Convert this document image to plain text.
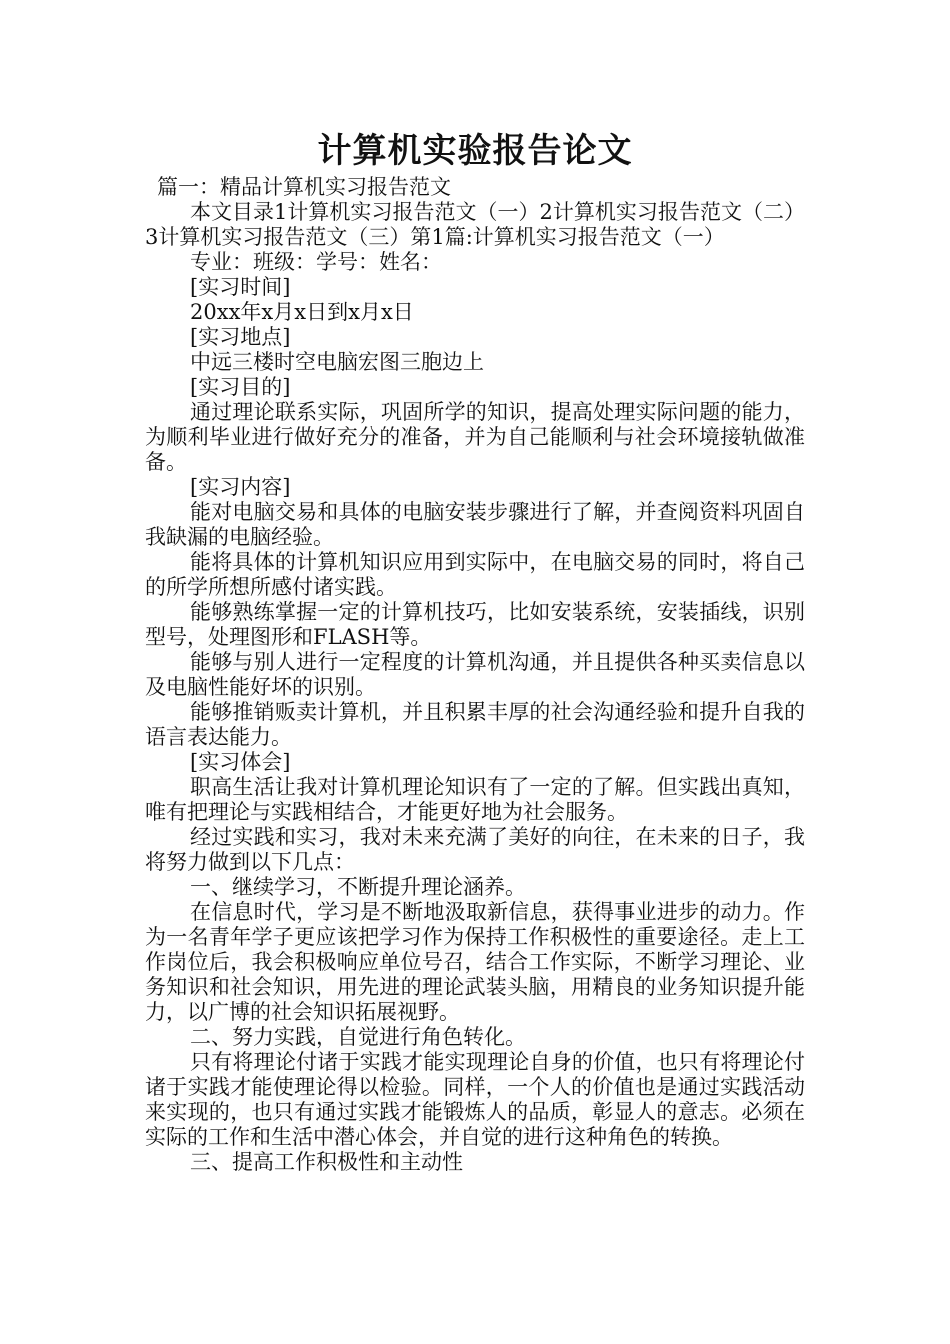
计算机实验报告论文

篇一：精品计算机实习报告范文

本文目录1计算机实习报告范文（一）2计算机实习报告范文（二）3计算机实习报告范文（三）第1篇:计算机实习报告范文（一）

专业：班级：学号：姓名：

[实习时间]

20xx年x月x日到x月x日

[实习地点]

中远三楼时空电脑宏图三胞边上

[实习目的]

通过理论联系实际，巩固所学的知识，提高处理实际问题的能力，为顺利毕业进行做好充分的准备，并为自己能顺利与社会环境接轨做准备。

[实习内容]

能对电脑交易和具体的电脑安装步骤进行了解，并查阅资料巩固自我缺漏的电脑经验。

能将具体的计算机知识应用到实际中，在电脑交易的同时，将自己的所学所想所感付诸实践。

能够熟练掌握一定的计算机技巧，比如安装系统，安装插线，识别型号，处理图形和FLASH等。

能够与别人进行一定程度的计算机沟通，并且提供各种买卖信息以及电脑性能好坏的识别。

能够推销贩卖计算机，并且积累丰厚的社会沟通经验和提升自我的语言表达能力。

[实习体会]

职高生活让我对计算机理论知识有了一定的了解。但实践出真知，唯有把理论与实践相结合，才能更好地为社会服务。

经过实践和实习，我对未来充满了美好的向往，在未来的日子，我将努力做到以下几点：

一、继续学习，不断提升理论涵养。

在信息时代，学习是不断地汲取新信息，获得事业进步的动力。作为一名青年学子更应该把学习作为保持工作积极性的重要途径。走上工作岗位后，我会积极响应单位号召，结合工作实际，不断学习理论、业务知识和社会知识，用先进的理论武装头脑，用精良的业务知识提升能力，以广博的社会知识拓展视野。

二、努力实践，自觉进行角色转化。

只有将理论付诸于实践才能实现理论自身的价值，也只有将理论付诸于实践才能使理论得以检验。同样，一个人的价值也是通过实践活动来实现的，也只有通过实践才能锻炼人的品质，彰显人的意志。必须在实际的工作和生活中潜心体会，并自觉的进行这种角色的转换。

三、提高工作积极性和主动性
